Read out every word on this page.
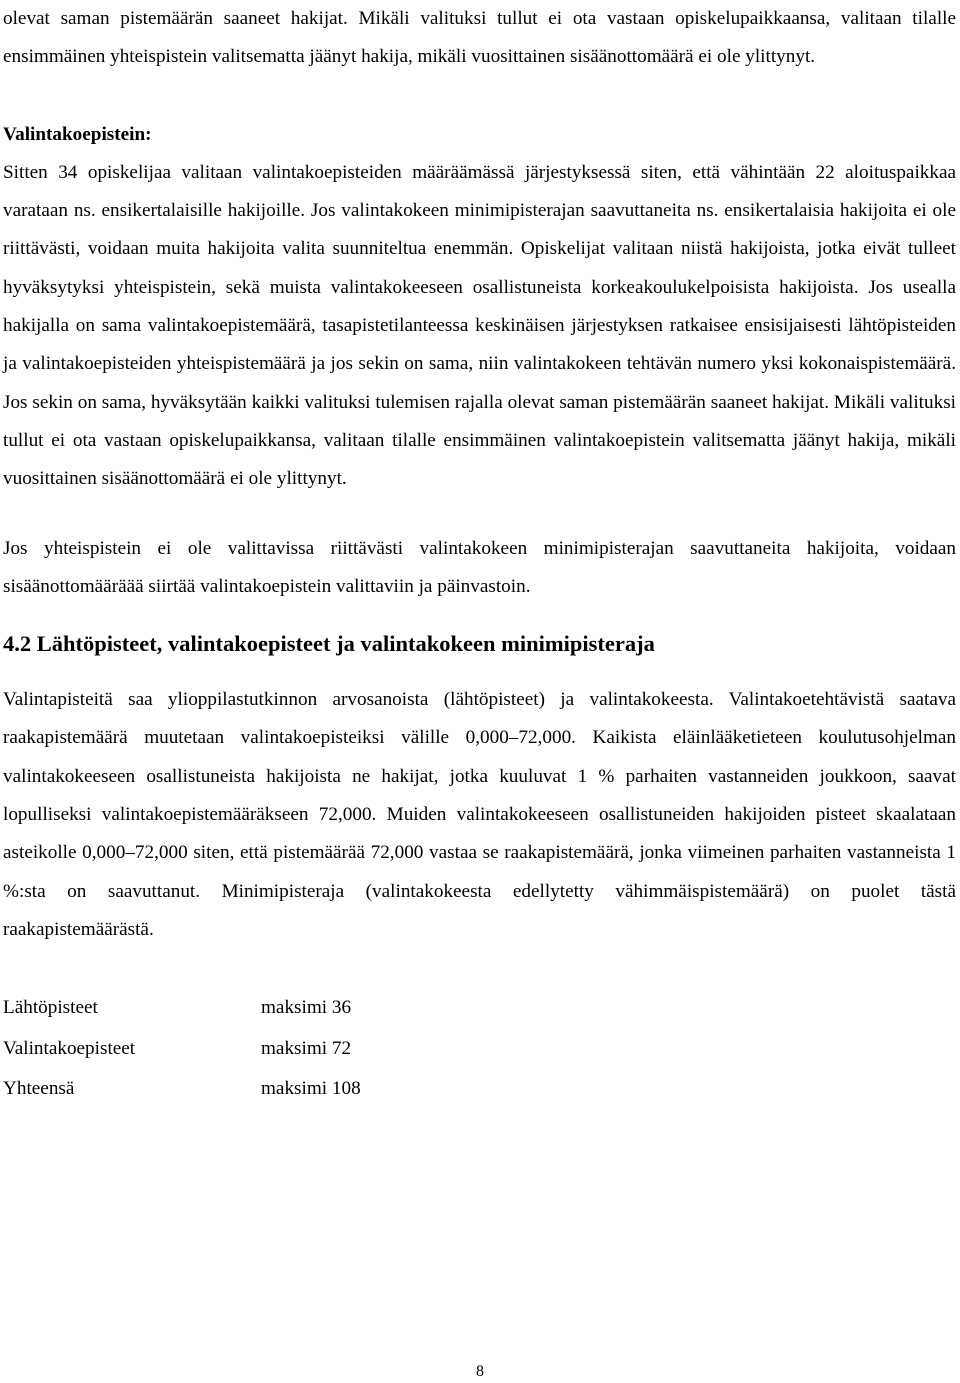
olevat saman pistemäärän saaneet hakijat. Mikäli valituksi tullut ei ota vastaan opiskelupaikkaansa, valitaan tilalle ensimmäinen yhteispistein valitsematta jäänyt hakija, mikäli vuosittainen sisäänottomäärä ei ole ylittynyt.

Valintakoepistein:

Sitten 34 opiskelijaa valitaan valintakoepisteiden määräämässä järjestyksessä siten, että vähintään 22 aloituspaikkaa varataan ns. ensikertalaisille hakijoille. Jos valintakokeen minimipisterajan saavuttaneita ns. ensikertalaisia hakijoita ei ole riittävästi, voidaan muita hakijoita valita suunniteltua enemmän. Opiskelijat valitaan niistä hakijoista, jotka eivät tulleet hyväksytyksi yhteispistein, sekä muista valintakokeeseen osallistuneista korkeakoulukelpoisista hakijoista. Jos usealla hakijalla on sama valintakoepistemäärä, tasapistetilanteessa keskinäisen järjestyksen ratkaisee ensisijaisesti lähtöpisteiden ja valintakoepisteiden yhteispistemäärä ja jos sekin on sama, niin valintakokeen tehtävän numero yksi kokonaispistemäärä. Jos sekin on sama, hyväksytään kaikki valituksi tulemisen rajalla olevat saman pistemäärän saaneet hakijat. Mikäli valituksi tullut ei ota vastaan opiskelupaikkansa, valitaan tilalle ensimmäinen valintakoepistein valitsematta jäänyt hakija, mikäli vuosittainen sisäänottomäärä ei ole ylittynyt.

Jos yhteispistein ei ole valittavissa riittävästi valintakokeen minimipisterajan saavuttaneita hakijoita, voidaan sisäänottomääräää siirtää valintakoepistein valittaviin ja päinvastoin.

4.2 Lähtöpisteet, valintakoepisteet ja valintakokeen minimipisteraja

Valintapisteitä saa ylioppilastutkinnon arvosanoista (lähtöpisteet) ja valintakokeesta. Valintakoetehtävistä saatava raakapistemäärä muutetaan valintakoepisteiksi välille 0,000–72,000. Kaikista eläinlääketieteen koulutusohjelman valintakokeeseen osallistuneista hakijoista ne hakijat, jotka kuuluvat 1 % parhaiten vastanneiden joukkoon, saavat lopulliseksi valintakoepistemääräkseen 72,000. Muiden valintakokeeseen osallistuneiden hakijoiden pisteet skaalataan asteikolle 0,000–72,000 siten, että pistemäärää 72,000 vastaa se raakapistemäärä, jonka viimeinen parhaiten vastanneista 1 %:sta on saavuttanut. Minimipisteraja (valintakokeesta edellytetty vähimmäispistemäärä) on puolet tästä raakapistemäärästä.

Lähtöpisteet	maksimi 36
Valintakoepisteet	maksimi 72
Yhteensä	maksimi 108
8
